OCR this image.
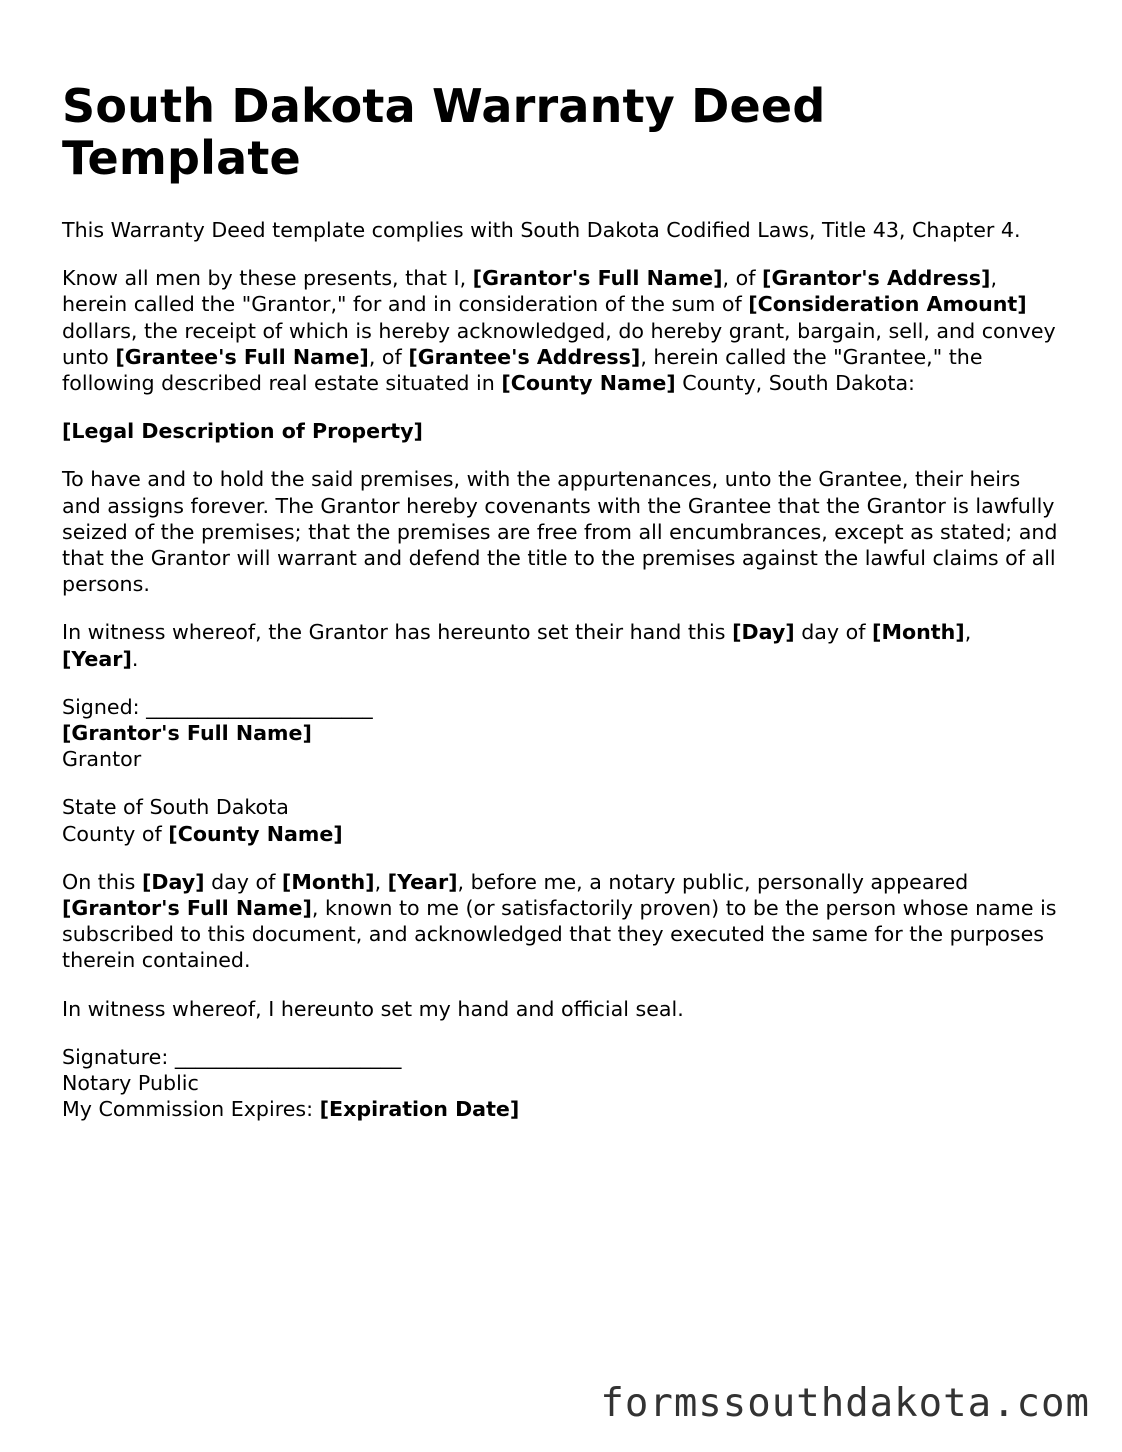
South Dakota Warranty Deed Template

This Warranty Deed template complies with South Dakota Codified Laws, Title 43, Chapter 4.

Know all men by these presents, that I, [Grantor's Full Name], of [Grantor's Address], herein called the "Grantor," for and in consideration of the sum of [Consideration Amount] dollars, the receipt of which is hereby acknowledged, do hereby grant, bargain, sell, and convey unto [Grantee's Full Name], of [Grantee's Address], herein called the "Grantee," the following described real estate situated in [County Name] County, South Dakota:

[Legal Description of Property]

To have and to hold the said premises, with the appurtenances, unto the Grantee, their heirs and assigns forever. The Grantor hereby covenants with the Grantee that the Grantor is lawfully seized of the premises; that the premises are free from all encumbrances, except as stated; and that the Grantor will warrant and defend the title to the premises against the lawful claims of all persons.

In witness whereof, the Grantor has hereunto set their hand this [Day] day of [Month],
[Year].

Signed: ______________________
[Grantor's Full Name]
Grantor
State of South Dakota
County of [County Name]

On this [Day] day of [Month], [Year], before me, a notary public, personally appeared [Grantor's Full Name], known to me (or satisfactorily proven) to be the person whose name is subscribed to this document, and acknowledged that they executed the same for the purposes therein contained.

In witness whereof, I hereunto set my hand and official seal.

Signature: ______________________
Notary Public
My Commission Expires: [Expiration Date]
formssouthdakota.com
